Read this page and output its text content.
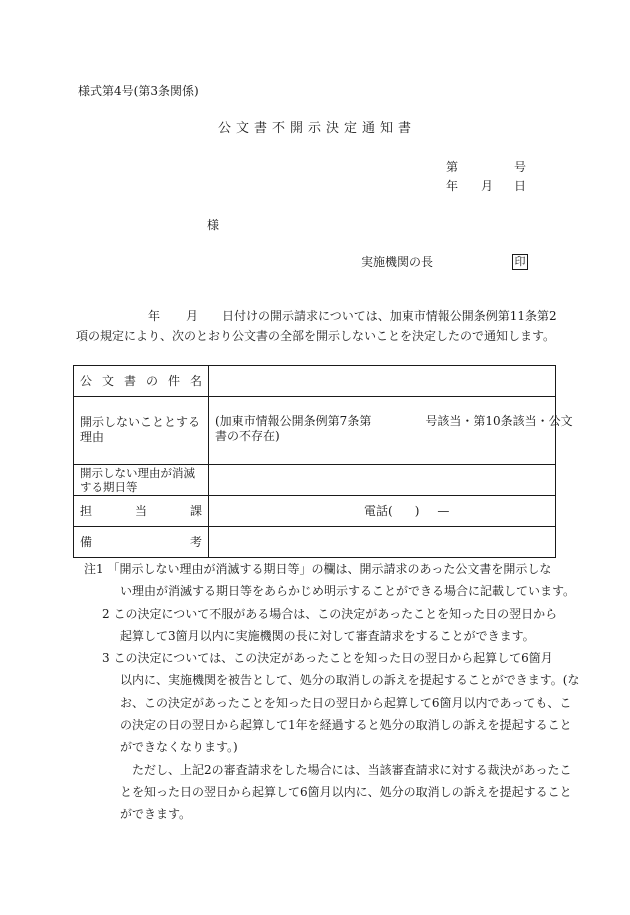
様式第4号(第3条関係)
公文書不開示決定通知書
第	号
年 月 日
様
実施機関の長	印
年 月 日付けの開示請求については、加東市情報公開条例第11条第2
項の規定により、次のとおり公文書の全部を開示しないことを決定したので通知します。
公文書の件名	

開示しないこととする理由	(加東市情報公開条例第7条第 号該当・第10条該当・公文
書の不存在)
開示しない理由が消滅する期日等	

担当課	電話( ) —

備考	

注1 「開示しない理由が消滅する期日等」の欄は、開示請求のあった公文書を開示しな
い理由が消滅する期日等をあらかじめ明示することができる場合に記載しています。
2 この決定について不服がある場合は、この決定があったことを知った日の翌日から
起算して3箇月以内に実施機関の長に対して審査請求をすることができます。
3 この決定については、この決定があったことを知った日の翌日から起算して6箇月
以内に、実施機関を被告として、処分の取消しの訴えを提起することができます。(な
お、この決定があったことを知った日の翌日から起算して6箇月以内であっても、こ
の決定の日の翌日から起算して1年を経過すると処分の取消しの訴えを提起すること
ができなくなります。)
ただし、上記2の審査請求をした場合には、当該審査請求に対する裁決があったこ
とを知った日の翌日から起算して6箇月以内に、処分の取消しの訴えを提起すること
ができます。
